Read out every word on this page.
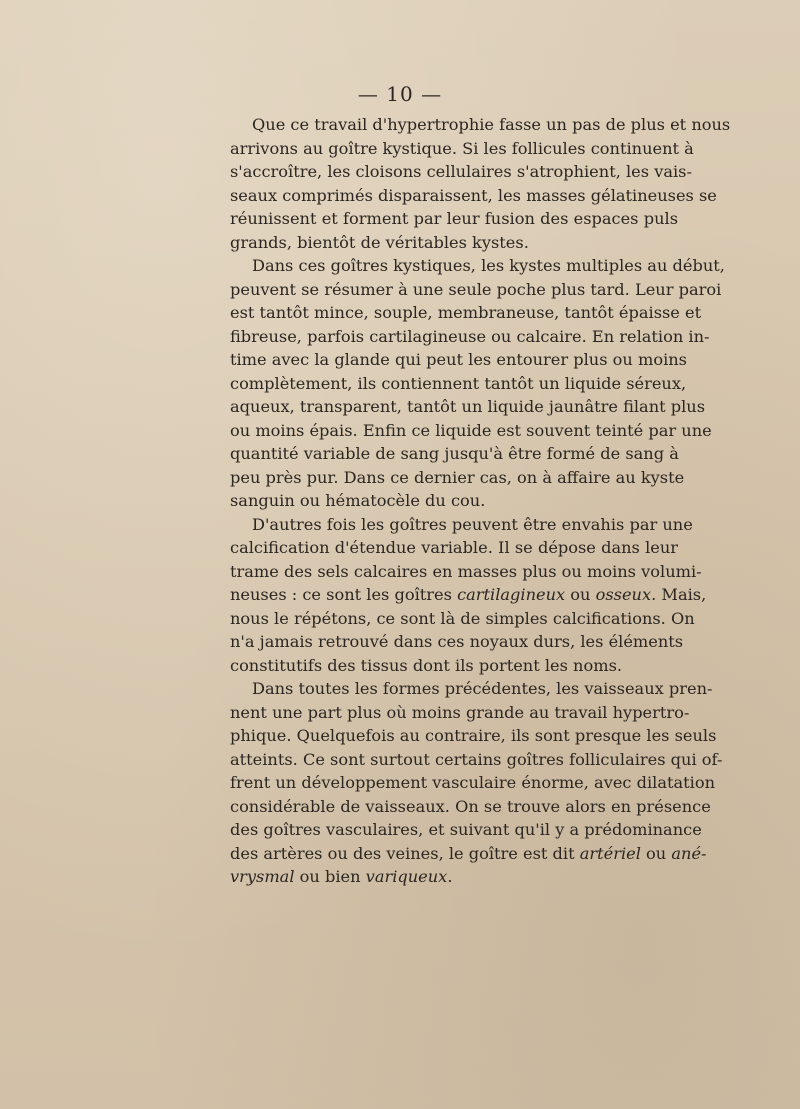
— 10 —

Que ce travail d'hypertrophie fasse un pas de plus et nous
arrivons au goître kystique. Si les follicules continuent à
s'accroître, les cloisons cellulaires s'atrophient, les vais-
seaux comprimés disparaissent, les masses gélatineuses se
réunissent et forment par leur fusion des espaces puls
grands, bientôt de véritables kystes.

Dans ces goîtres kystiques, les kystes multiples au début,
peuvent se résumer à une seule poche plus tard. Leur paroi
est tantôt mince, souple, membraneuse, tantôt épaisse et
fibreuse, parfois cartilagineuse ou calcaire. En relation in-
time avec la glande qui peut les entourer plus ou moins
complètement, ils contiennent tantôt un liquide séreux,
aqueux, transparent, tantôt un liquide jaunâtre filant plus
ou moins épais. Enfin ce liquide est souvent teinté par une
quantité variable de sang jusqu'à être formé de sang à
peu près pur. Dans ce dernier cas, on à affaire au kyste
sanguin ou hématocèle du cou.

D'autres fois les goîtres peuvent être envahis par une
calcification d'étendue variable. Il se dépose dans leur
trame des sels calcaires en masses plus ou moins volumi-
neuses : ce sont les goîtres cartilagineux ou osseux. Mais,
nous le répétons, ce sont là de simples calcifications. On
n'a jamais retrouvé dans ces noyaux durs, les éléments
constitutifs des tissus dont ils portent les noms.

Dans toutes les formes précédentes, les vaisseaux pren-
nent une part plus où moins grande au travail hypertro-
phique. Quelquefois au contraire, ils sont presque les seuls
atteints. Ce sont surtout certains goîtres folliculaires qui of-
frent un développement vasculaire énorme, avec dilatation
considérable de vaisseaux. On se trouve alors en présence
des goîtres vasculaires, et suivant qu'il y a prédominance
des artères ou des veines, le goître est dit artériel ou ané-
vrysmal ou bien variqueux.
